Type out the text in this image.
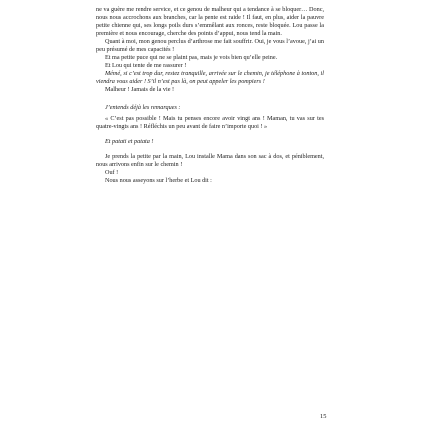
ne va guère me rendre service, et ce genou de malheur qui a tendance à se bloquer… Donc, nous nous accrochons aux branches, car la pente est raide ! Il faut, en plus, aider la pauvre petite chienne qui, ses longs poils durs s’emmêlant aux ronces, reste bloquée. Lou passe la première et nous encourage, cherche des points d’appui, nous tend la main.

Quant à moi, mon genou perclus d’arthrose me fait souffrir. Oui, je vous l’avoue, j’ai un peu présumé de mes capacités !

Et ma petite puce qui ne se plaint pas, mais je vois bien qu’elle peine.

Et Lou qui tente de me rassurer !

Mémé, si c’est trop dur, restez tranquille, arrivée sur le chemin, je téléphone à tonton, il viendra vous aider ! S’il n’est pas là, on peut appeler les pompiers !

Malheur ! Jamais de la vie !

J’entends déjà les remarques :

« C’est pas possible ! Mais tu penses encore avoir vingt ans ! Maman, tu vas sur tes quatre-vingts ans ! Réfléchis un peu avant de faire n’importe quoi ! »

Et patati et patata !

Je prends la petite par la main, Lou installe Mama dans son sac à dos, et péniblement, nous arrivons enfin sur le chemin !

Ouf !

Nous nous asseyons sur l’herbe et Lou dit :

15
